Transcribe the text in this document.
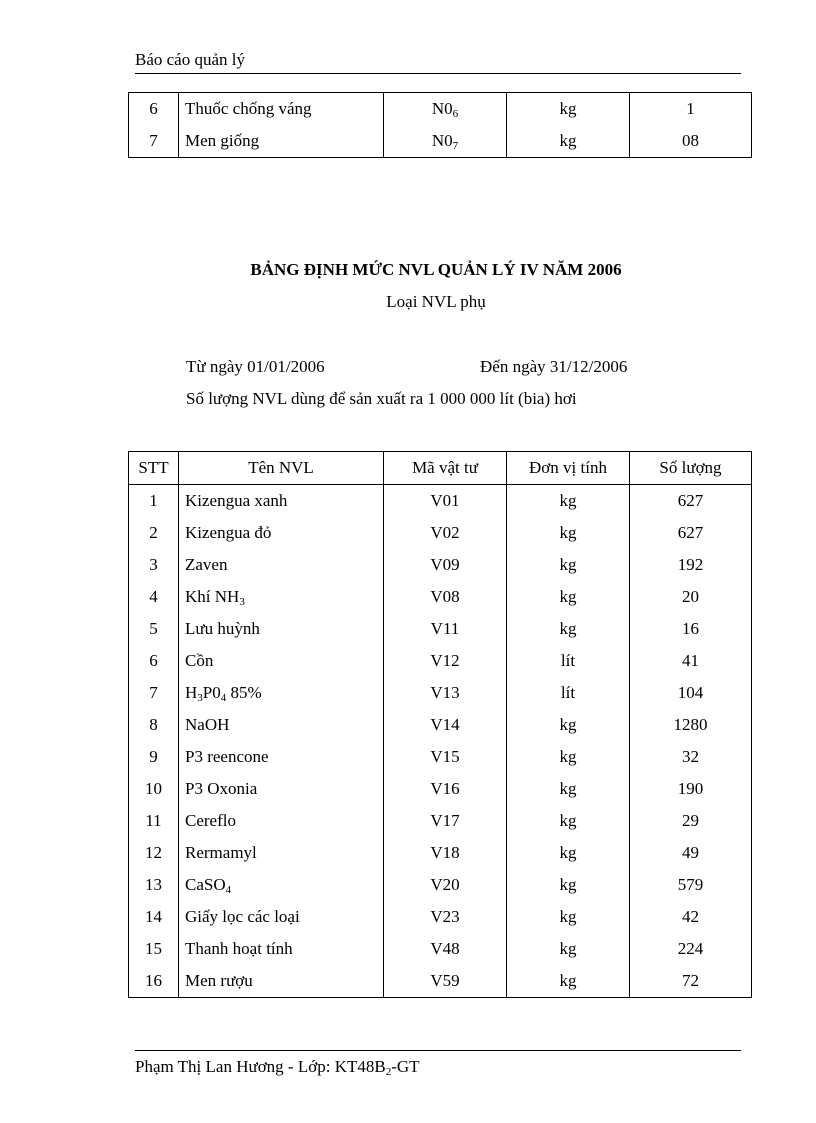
Báo cáo quản lý
6	Thuốc chống váng	$N0_6$	kg	1
7	Men giống	$N0_7$	kg	08
BẢNG ĐỊNH MỨC NVL QUẢN LÝ IV NĂM 2006
Loại NVL phụ
Từ ngày 01/01/2006	Đến ngày 31/12/2006
Số lượng NVL dùng để sản xuất ra 1 000 000 lít (bia) hơi
STT	Tên NVL	Mã vật tư	Đơn vị tính	Số lượng
1	Kizengua xanh	V01	kg	627
2	Kizengua đỏ	V02	kg	627
3	Zaven	V09	kg	192
4	Khí $NH_3$	V08	kg	20
5	Lưu huỳnh	V11	kg	16
6	Cồn	V12	lít	41
7	$H_3P0_4$ 85%	V13	lít	104
8	NaOH	V14	kg	1280
9	P3 reencone	V15	kg	32
10	P3 Oxonia	V16	kg	190
11	Cereflo	V17	kg	29
12	Rermamyl	V18	kg	49
13	CaSO$_4$	V20	kg	579
14	Giấy lọc các loại	V23	kg	42
15	Thanh hoạt tính	V48	kg	224
16	Men rượu	V59	kg	72
Phạm Thị Lan Hương - Lớp: $KT48B_2-GT$
